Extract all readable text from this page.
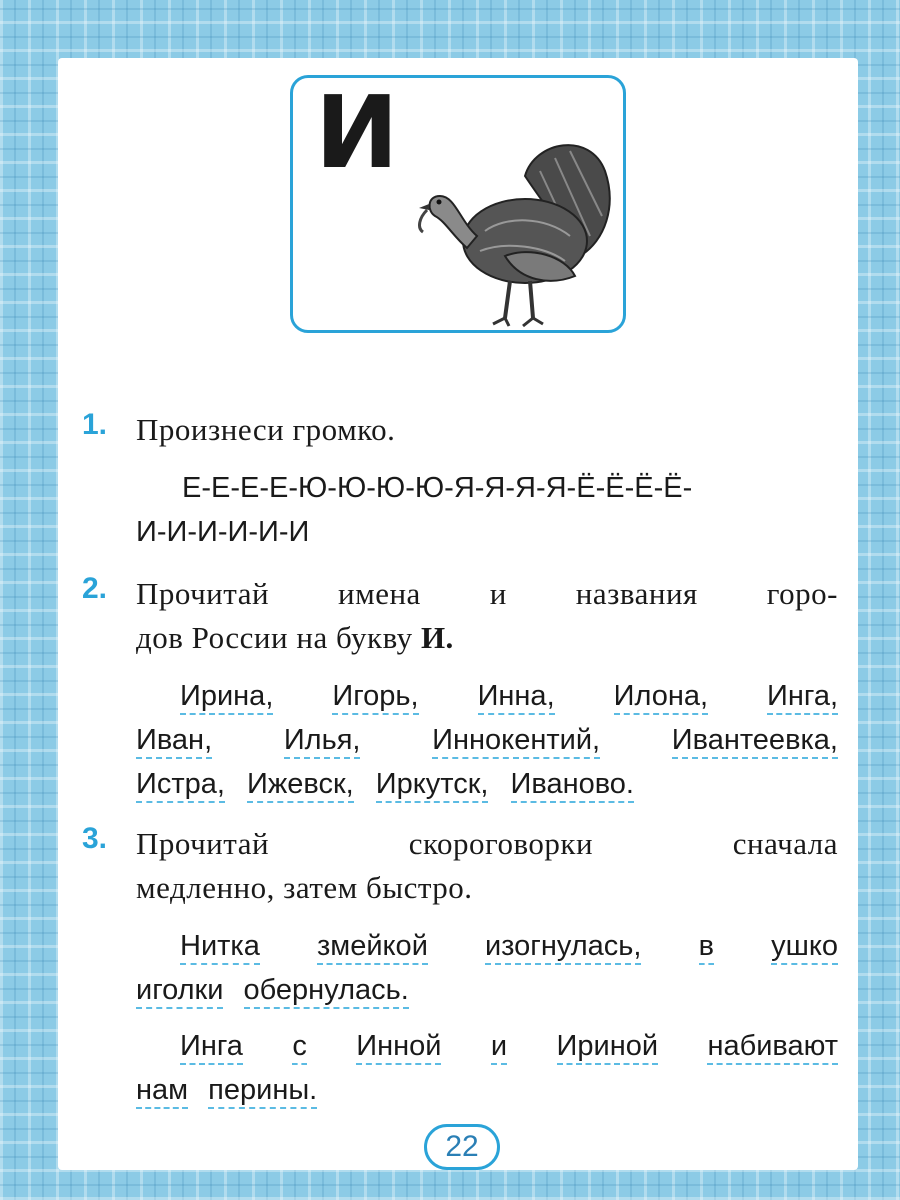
И
1. Произнеси громко.
Е-Е-Е-Е-Ю-Ю-Ю-Ю-Я-Я-Я-Я-Ё-Ё-Ё-Ё-
И-И-И-И-И-И
2. Прочитай имена и названия горо-
дов России на букву И.
Ирина, Игорь, Инна, Илона, Инга,
Иван, Илья, Иннокентий, Ивантеевка,
Истра, Ижевск, Иркутск, Иваново.
3. Прочитай скороговорки сначала
медленно, затем быстро.
Нитка змейкой изогнулась, в ушко
иголки обернулась.
Инга с Инной и Ириной набивают
нам перины.
22
